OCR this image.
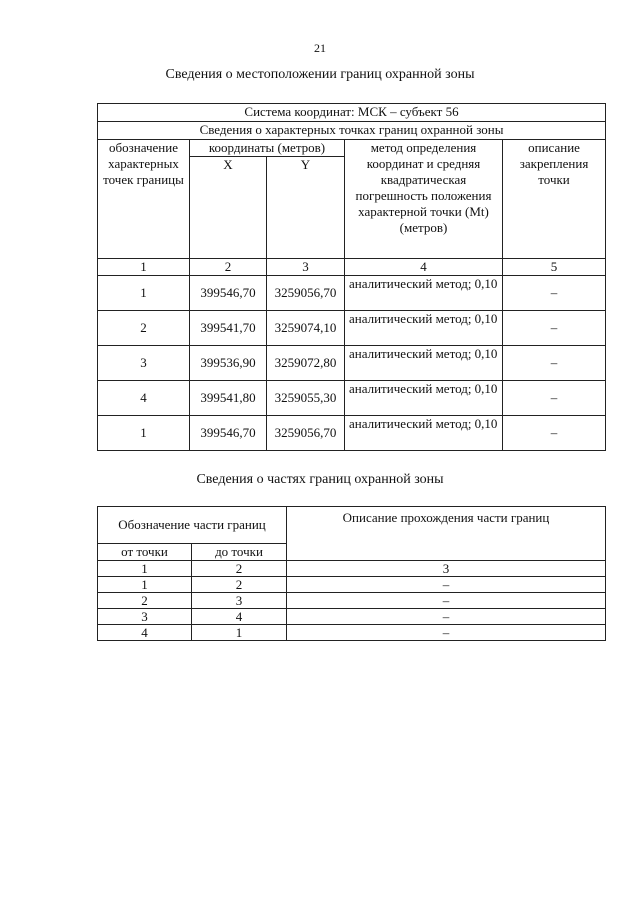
21
Сведения о местоположении границ охранной зоны
Система координат: МСК – субъект 56				
Сведения о характерных точках границ охранной зоны				
обозначение характерных точек границы	координаты (метров)		метод определения координат и средняя квадратическая погрешность положения характерной точки (Mt) (метров)	описание закрепления точки
	X	Y		
1	2	3	4	5
1	399546,70	3259056,70	аналитический метод; 0,10	–
2	399541,70	3259074,10	аналитический метод; 0,10	–
3	399536,90	3259072,80	аналитический метод; 0,10	–
4	399541,80	3259055,30	аналитический метод; 0,10	–
1	399546,70	3259056,70	аналитический метод; 0,10	–
Сведения о частях границ охранной зоны
Обозначение части границ		Описание прохождения части границ
от точки	до точки	
1	2	3
1	2	–
2	3	–
3	4	–
4	1	–
